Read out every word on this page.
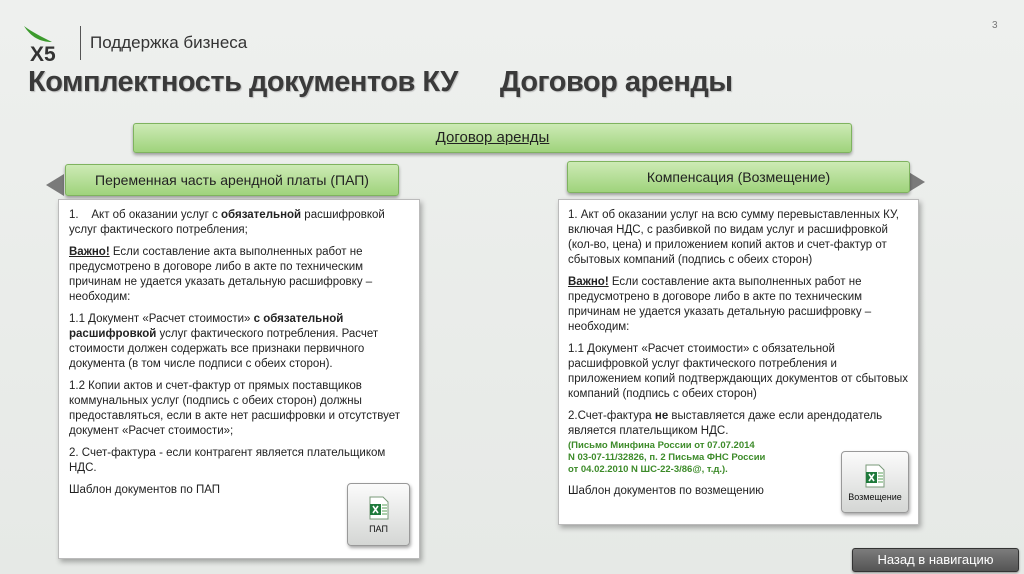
X5
Поддержка бизнеса
3
Комплектность документов КУ Договор аренды
Договор аренды
Переменная часть арендной платы (ПАП)	Компенсация (Возмещение)

1.    Акт об оказании услуг с обязательной расшифровкой услуг фактического потребления;

Важно! Если составление акта выполненных работ не предусмотрено в договоре либо в акте по техническим причинам не удается указать детальную расшифровку – необходим:

1.1 Документ «Расчет стоимости» с обязательной расшифровкой услуг фактического потребления. Расчет стоимости должен содержать все признаки первичного документа (в том числе подписи с обеих сторон).

1.2 Копии актов и счет-фактур от прямых поставщиков коммунальных услуг (подпись с обеих сторон) должны предоставляться, если в акте нет расшифровки и отсутствует документ «Расчет стоимости»;

2. Счет-фактура - если контрагент является плательщиком НДС.

Шаблон документов по ПАП

ПАП

1. Акт об оказании услуг на всю сумму перевыставленных КУ, включая НДС, с разбивкой по видам услуг и расшифровкой (кол-во, цена) и приложением копий актов и счет-фактур от сбытовых компаний (подпись с обеих сторон)

Важно! Если составление акта выполненных работ не предусмотрено в договоре либо в акте по техническим причинам не удается указать детальную расшифровку – необходим:

1.1 Документ «Расчет стоимости» с обязательной расшифровкой услуг фактического потребления и приложением копий подтверждающих документов от сбытовых компаний (подпись с обеих сторон)

2.Счет-фактура не выставляется даже если арендодатель является плательщиком НДС.

(Письмо Минфина России от 07.07.2014
N 03-07-11/32826, п. 2 Письма ФНС России
от 04.02.2010 N ШС-22-3/86@, т.д.).

Шаблон документов по возмещению	Возмещение
Назад в навигацию
